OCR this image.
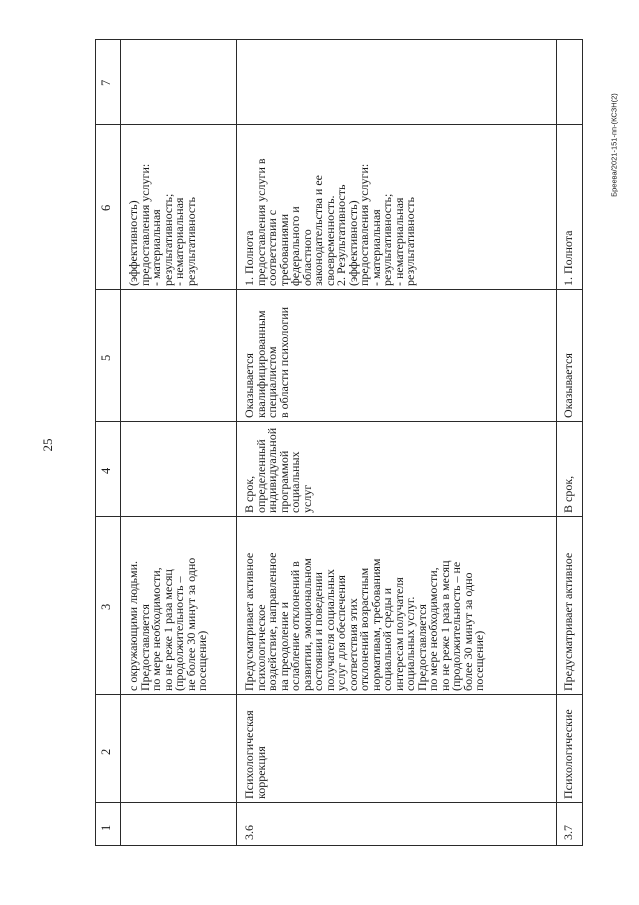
25
Бреева/2021-151-пп-(КСЗН(2)
1
2
3
4
5
6
7
с окружающими людьми.
Предоставляется
по мере необходимости,
но не реже 1 раза месяц
(продолжительность –
не более 30 минут за одно
посещение)
(эффективность)
предоставления услуги:
- материальная
результативность;
- нематериальная
результативность
3.6
Психологическая
коррекция
Предусматривает активное
психологическое
воздействие, направленное
на преодоление и
ослабление отклонений в
развитии, эмоциональном
состоянии и поведении
получателя социальных
услуг для обеспечения
соответствия этих
отклонений возрастным
нормативам, требованиям
социальной среды и
интересам получателя
социальных услуг.
Предоставляется
по мере необходимости,
но не реже 1 раза в месяц
(продолжительность – не
более 30 минут за одно
посещение)
В срок,
определенный
индивидуальной
программой
социальных
услуг
Оказывается
квалифицированным
специалистом
в области психологии
1. Полнота
предоставления услуги в
соответствии с
требованиями
федерального и
областного
законодательства и ее
своевременность.
2. Результативность
(эффективность)
предоставления услуги:
- материальная
результативность;
- нематериальная
результативность
3.7
Психологические
Предусматривает активное
В срок,
Оказывается
1. Полнота
